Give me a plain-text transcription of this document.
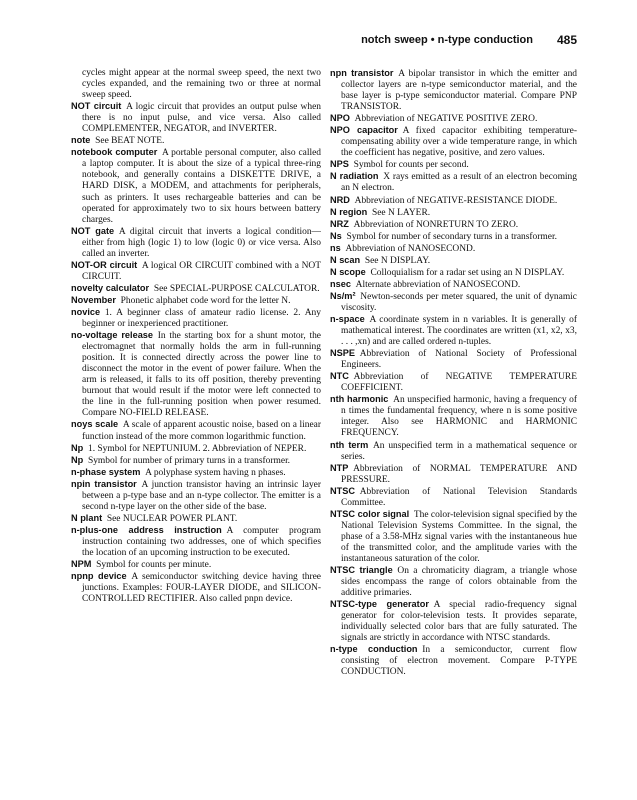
notch sweep • n-type conduction 485
cycles might appear at the normal sweep speed, the next two cycles expanded, and the remaining two or three at normal sweep speed.
NOT circuit  A logic circuit that provides an output pulse when there is no input pulse, and vice versa. Also called COMPLEMENTER, NEGATOR, and INVERTER.
note  See BEAT NOTE.
notebook computer  A portable personal computer, also called a laptop computer. It is about the size of a typical three-ring notebook, and generally contains a DISKETTE DRIVE, a HARD DISK, a MODEM, and attachments for peripherals, such as printers. It uses rechargeable batteries and can be operated for approximately two to six hours between battery charges.
NOT gate  A digital circuit that inverts a logical condition—either from high (logic 1) to low (logic 0) or vice versa. Also called an inverter.
NOT-OR circuit  A logical OR CIRCUIT combined with a NOT CIRCUIT.
novelty calculator  See SPECIAL-PURPOSE CALCULATOR.
November  Phonetic alphabet code word for the letter N.
novice  1. A beginner class of amateur radio license. 2. Any beginner or inexperienced practitioner.
no-voltage release  In the starting box for a shunt motor, the electromagnet that normally holds the arm in full-running position. It is connected directly across the power line to disconnect the motor in the event of power failure. When the arm is released, it falls to its off position, thereby preventing burnout that would result if the motor were left connected to the line in the full-running position when power resumed. Compare NO-FIELD RELEASE.
noys scale  A scale of apparent acoustic noise, based on a linear function instead of the more common logarithmic function.
Np  1. Symbol for NEPTUNIUM. 2. Abbreviation of NEPER.
Np  Symbol for number of primary turns in a transformer.
n-phase system  A polyphase system having n phases.
npin transistor  A junction transistor having an intrinsic layer between a p-type base and an n-type collector. The emitter is a second n-type layer on the other side of the base.
N plant  See NUCLEAR POWER PLANT.
n-plus-one address instruction  A computer program instruction containing two addresses, one of which specifies the location of an upcoming instruction to be executed.
NPM  Symbol for counts per minute.
npnp device  A semiconductor switching device having three junctions. Examples: FOUR-LAYER DIODE, and SILICON-CONTROLLED RECTIFIER. Also called pnpn device.
npn transistor  A bipolar transistor in which the emitter and collector layers are n-type semiconductor material, and the base layer is p-type semiconductor material. Compare PNP TRANSISTOR.
NPO  Abbreviation of NEGATIVE POSITIVE ZERO.
NPO capacitor  A fixed capacitor exhibiting temperature-compensating ability over a wide temperature range, in which the coefficient has negative, positive, and zero values.
NPS  Symbol for counts per second.
N radiation  X rays emitted as a result of an electron becoming an N electron.
NRD  Abbreviation of NEGATIVE-RESISTANCE DIODE.
N region  See N LAYER.
NRZ  Abbreviation of NONRETURN TO ZERO.
Ns  Symbol for number of secondary turns in a transformer.
ns  Abbreviation of NANOSECOND.
N scan  See N DISPLAY.
N scope  Colloquialism for a radar set using an N DISPLAY.
nsec  Alternate abbreviation of NANOSECOND.
Ns/m²  Newton-seconds per meter squared, the unit of dynamic viscosity.
n-space  A coordinate system in n variables. It is generally of mathematical interest. The coordinates are written (x1, x2, x3, . . . ,xn) and are called ordered n-tuples.
NSPE  Abbreviation of National Society of Professional Engineers.
NTC  Abbreviation of NEGATIVE TEMPERATURE COEFFICIENT.
nth harmonic  An unspecified harmonic, having a frequency of n times the fundamental frequency, where n is some positive integer. Also see HARMONIC and HARMONIC FREQUENCY.
nth term  An unspecified term in a mathematical sequence or series.
NTP  Abbreviation of NORMAL TEMPERATURE AND PRESSURE.
NTSC  Abbreviation of National Television Standards Committee.
NTSC color signal  The color-television signal specified by the National Television Systems Committee. In the signal, the phase of a 3.58-MHz signal varies with the instantaneous hue of the transmitted color, and the amplitude varies with the instantaneous saturation of the color.
NTSC triangle  On a chromaticity diagram, a triangle whose sides encompass the range of colors obtainable from the additive primaries.
NTSC-type generator  A special radio-frequency signal generator for color-television tests. It provides separate, individually selected color bars that are fully saturated. The signals are strictly in accordance with NTSC standards.
n-type conduction  In a semiconductor, current flow consisting of electron movement. Compare P-TYPE CONDUCTION.
